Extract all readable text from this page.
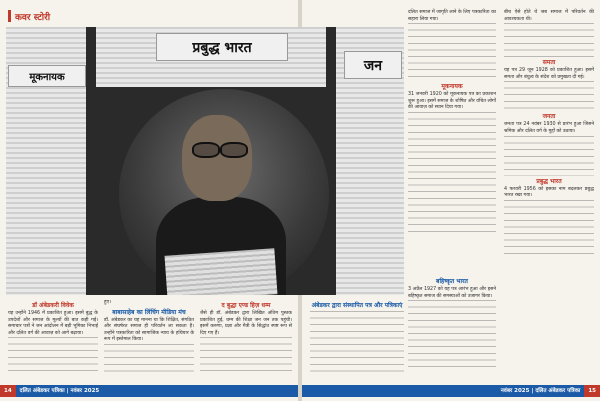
कवर स्टोरी
14	दलित अंबेडकर पत्रिका | नवंबर 2025
मूकनायक
प्रबुद्ध भारत
जन

डॉ अंबेडकरी विवेक

यह उन्होंने 1946 में प्रकाशित हुआ। इसमें बुद्ध के उपदेशों और समाज के मूल्यों की बात कही गई। समाचार पत्रों ने जन आंदोलन में बड़ी भूमिका निभाई और दलित वर्ग की आवाज़ को आगे बढ़ाया।

हुए।

बाबासाहेब का लिंचिंग मीडिया मंच

डॉ. अंबेडकर का यह मानना था कि शिक्षित, संगठित और संघर्षरत समाज ही परिवर्तन ला सकता है। उन्होंने पत्रकारिता को सामाजिक न्याय के हथियार के रूप में इस्तेमाल किया।

द बुद्धा एण्ड हिज़ धम्म

जैसे ही डॉ. अंबेडकर द्वारा लिखित अंतिम पुस्तक प्रकाशित हुई, धम्म की शिक्षा जन जन तक पहुंची। इसमें करुणा, प्रज्ञा और मैत्री के सिद्धांत स्पष्ट रूप से दिए गए हैं।

दलित समाज में जागृति लाने के लिए पत्रकारिता का सहारा लिया गया।

मूकनायक

31 जनवरी 1920 को मूकनायक पत्र का प्रकाशन शुरू हुआ। इसमें समाज के शोषित और वंचित लोगों की आवाज़ को स्थान दिया गया।

बीच ऐसे होते थे जब समाज में परिवर्तन की आवश्यकता थी।

समता

यह पत्र 29 जून 1928 को प्रकाशित हुआ। इसमें समता और बंधुत्व के संदेश को प्रमुखता दी गई।

जनता

जनता पत्र 24 नवंबर 1930 से प्रारंभ हुआ जिसने श्रमिक और दलित वर्ग के मुद्दों को उठाया।

प्रबुद्ध भारत

4 फरवरी 1956 को इसका नाम बदलकर प्रबुद्ध भारत रखा गया।

अंबेडकर द्वारा संस्थापित पत्र और पत्रिकाएं

बहिष्कृत भारत

3 अप्रैल 1927 को यह पत्र आरंभ हुआ और इसने बहिष्कृत समाज की समस्याओं को उजागर किया।

नवंबर 2025 | दलित अंबेडकर पत्रिका	15
